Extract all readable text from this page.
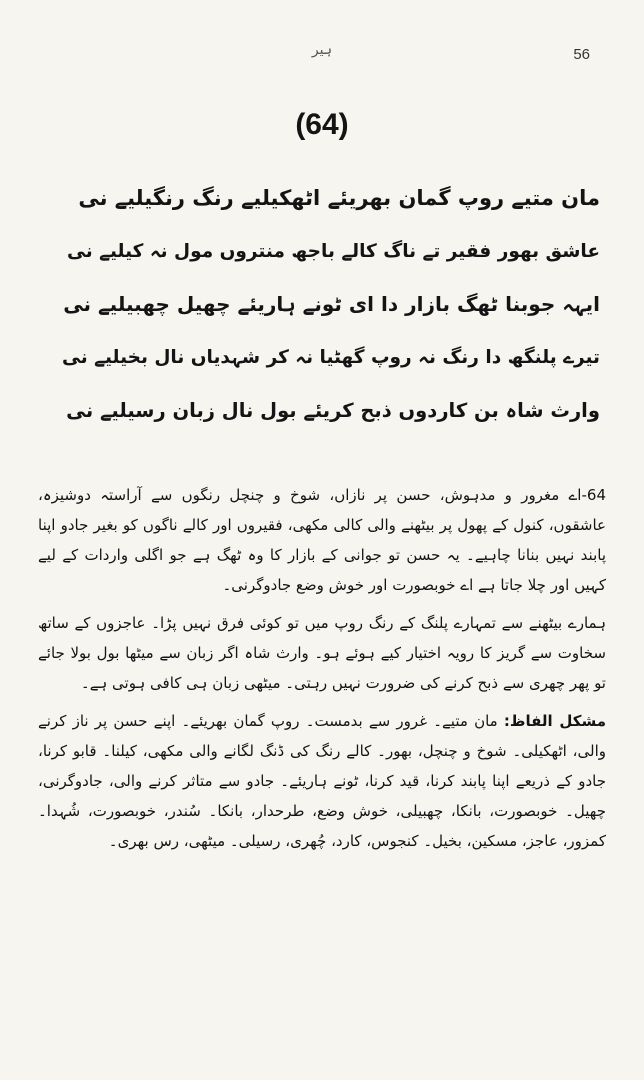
56
ہیر
(64)
مان متیے روپ گمان بھریئے اٹھکیلیے رنگ رنگیلیے نی
عاشق بھور فقیر تے ناگ کالے باجھ منتروں مول نہ کیلیے نی
ایہہ جوبنا ٹھگ بازار دا ای ٹونے ہاریئے چھیل چھبیلیے نی
تیرے پلنگھ دا رنگ نہ روپ گھٹیا نہ کر شہدیاں نال بخیلیے نی
وارث شاہ بن کاردوں ذبح کریئے بول نال زبان رسیلیے نی

64-اے مغرور و مدہوش، حسن پر نازاں، شوخ و چنچل رنگوں سے آراستہ دوشیزہ، عاشقوں، کنول کے پھول پر بیٹھنے والی کالی مکھی، فقیروں اور کالے ناگوں کو بغیر جادو اپنا پابند نہیں بنانا چاہیے۔ یہ حسن تو جوانی کے بازار کا وہ ٹھگ ہے جو اگلی واردات کے لیے کہیں اور چلا جاتا ہے اے خوبصورت اور خوش وضع جادوگرنی۔

ہمارے بیٹھنے سے تمہارے پلنگ کے رنگ روپ میں تو کوئی فرق نہیں پڑا۔ عاجزوں کے ساتھ سخاوت سے گریز کا رویہ اختیار کیے ہوئے ہو۔ وارث شاہ اگر زبان سے میٹھا بول بولا جائے تو پھر چھری سے ذبح کرنے کی ضرورت نہیں رہتی۔ میٹھی زبان ہی کافی ہوتی ہے۔

مشکل الفاظ: مان متیے۔ غرور سے بدمست۔ روپ گمان بھریئے۔ اپنے حسن پر ناز کرنے والی، اٹھکیلی۔ شوخ و چنچل، بھور۔ کالے رنگ کی ڈنگ لگانے والی مکھی، کیلنا۔ قابو کرنا، جادو کے ذریعے اپنا پابند کرنا، قید کرنا، ٹونے ہاریئے۔ جادو سے متاثر کرنے والی، جادوگرنی، چھیل۔ خوبصورت، بانکا، چھبیلی، خوش وضع، طرحدار، بانکا۔ سُندر، خوبصورت، شُہدا۔ کمزور، عاجز، مسکین، بخیل۔ کنجوس، کارد، چُھری، رسیلی۔ میٹھی، رس بھری۔
